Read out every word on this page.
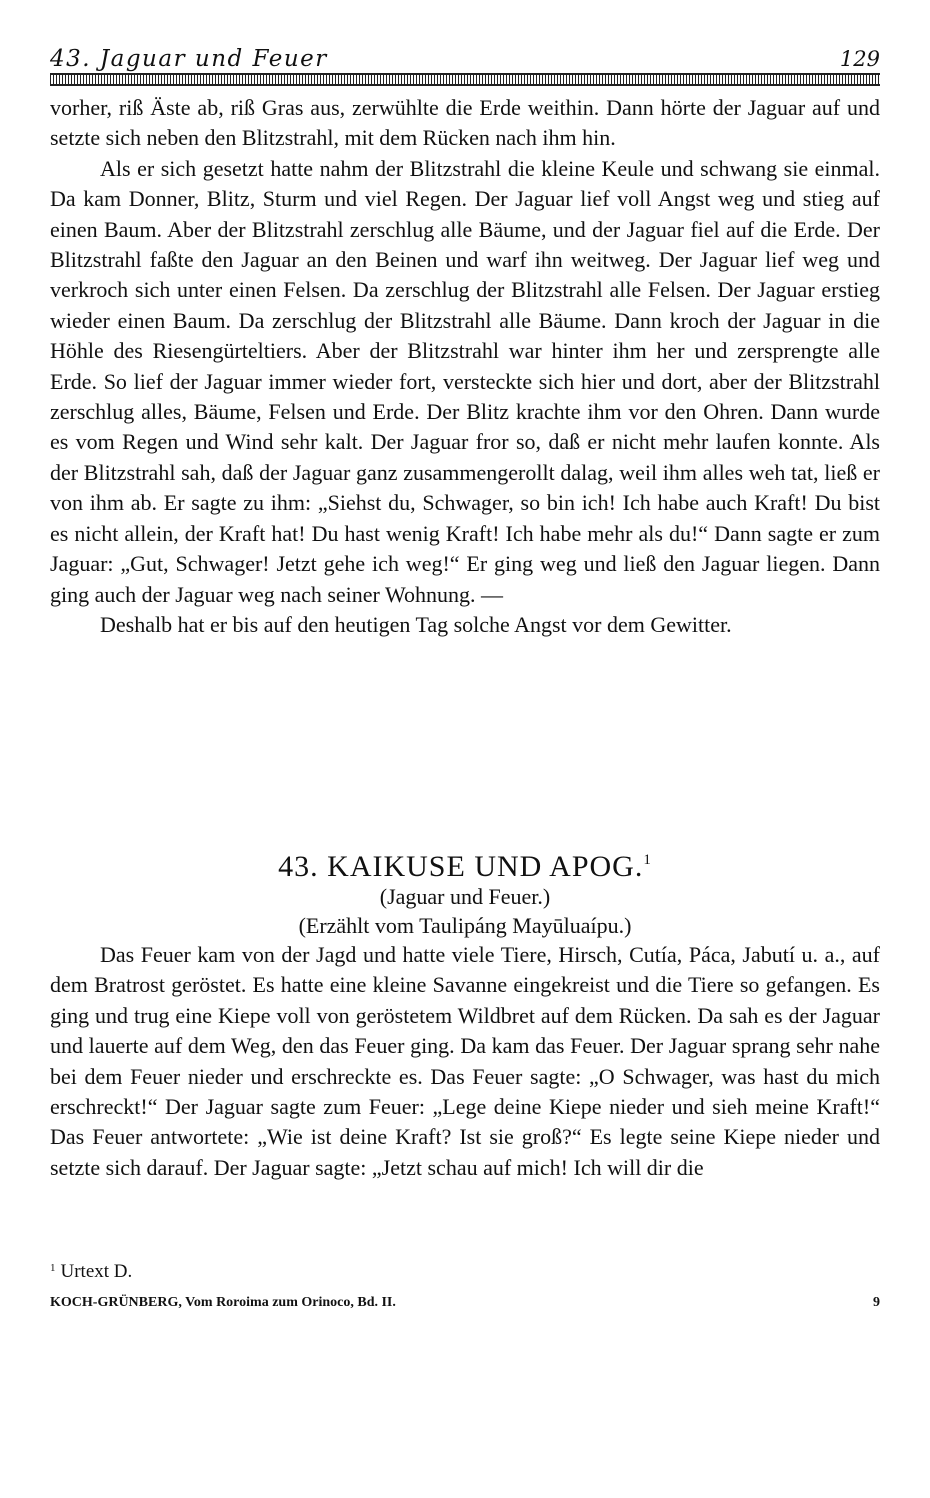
43. Jaguar und Feuer	129

vorher, riß Äste ab, riß Gras aus, zerwühlte die Erde weithin. Dann hörte der Jaguar auf und setzte sich neben den Blitzstrahl, mit dem Rücken nach ihm hin.

Als er sich gesetzt hatte nahm der Blitzstrahl die kleine Keule und schwang sie einmal. Da kam Donner, Blitz, Sturm und viel Regen. Der Jaguar lief voll Angst weg und stieg auf einen Baum. Aber der Blitzstrahl zerschlug alle Bäume, und der Jaguar fiel auf die Erde. Der Blitzstrahl faßte den Jaguar an den Beinen und warf ihn weitweg. Der Jaguar lief weg und verkroch sich unter einen Felsen. Da zerschlug der Blitzstrahl alle Felsen. Der Jaguar erstieg wieder einen Baum. Da zerschlug der Blitzstrahl alle Bäume. Dann kroch der Jaguar in die Höhle des Riesengürteltiers. Aber der Blitzstrahl war hinter ihm her und zersprengte alle Erde. So lief der Jaguar immer wieder fort, versteckte sich hier und dort, aber der Blitzstrahl zerschlug alles, Bäume, Felsen und Erde. Der Blitz krachte ihm vor den Ohren. Dann wurde es vom Regen und Wind sehr kalt. Der Jaguar fror so, daß er nicht mehr laufen konnte. Als der Blitzstrahl sah, daß der Jaguar ganz zusammengerollt dalag, weil ihm alles weh tat, ließ er von ihm ab. Er sagte zu ihm: „Siehst du, Schwager, so bin ich! Ich habe auch Kraft! Du bist es nicht allein, der Kraft hat! Du hast wenig Kraft! Ich habe mehr als du!“ Dann sagte er zum Jaguar: „Gut, Schwager! Jetzt gehe ich weg!“ Er ging weg und ließ den Jaguar liegen. Dann ging auch der Jaguar weg nach seiner Wohnung. —

Deshalb hat er bis auf den heutigen Tag solche Angst vor dem Gewitter.

43. KAIKUSE UND APOG.$^1$
(Jaguar und Feuer.)
(Erzählt vom Taulipáng Mayūluaípu.)

Das Feuer kam von der Jagd und hatte viele Tiere, Hirsch, Cutía, Páca, Jabutí u. a., auf dem Bratrost geröstet. Es hatte eine kleine Savanne eingekreist und die Tiere so gefangen. Es ging und trug eine Kiepe voll von geröstetem Wildbret auf dem Rücken. Da sah es der Jaguar und lauerte auf dem Weg, den das Feuer ging. Da kam das Feuer. Der Jaguar sprang sehr nahe bei dem Feuer nieder und erschreckte es. Das Feuer sagte: „O Schwager, was hast du mich erschreckt!“ Der Jaguar sagte zum Feuer: „Lege deine Kiepe nieder und sieh meine Kraft!“ Das Feuer antwortete: „Wie ist deine Kraft? Ist sie groß?“ Es legte seine Kiepe nieder und setzte sich darauf. Der Jaguar sagte: „Jetzt schau auf mich! Ich will dir die

$^1$ Urtext D.
KOCH-GRÜNBERG, Vom Roroima zum Orinoco, Bd. II.	9
